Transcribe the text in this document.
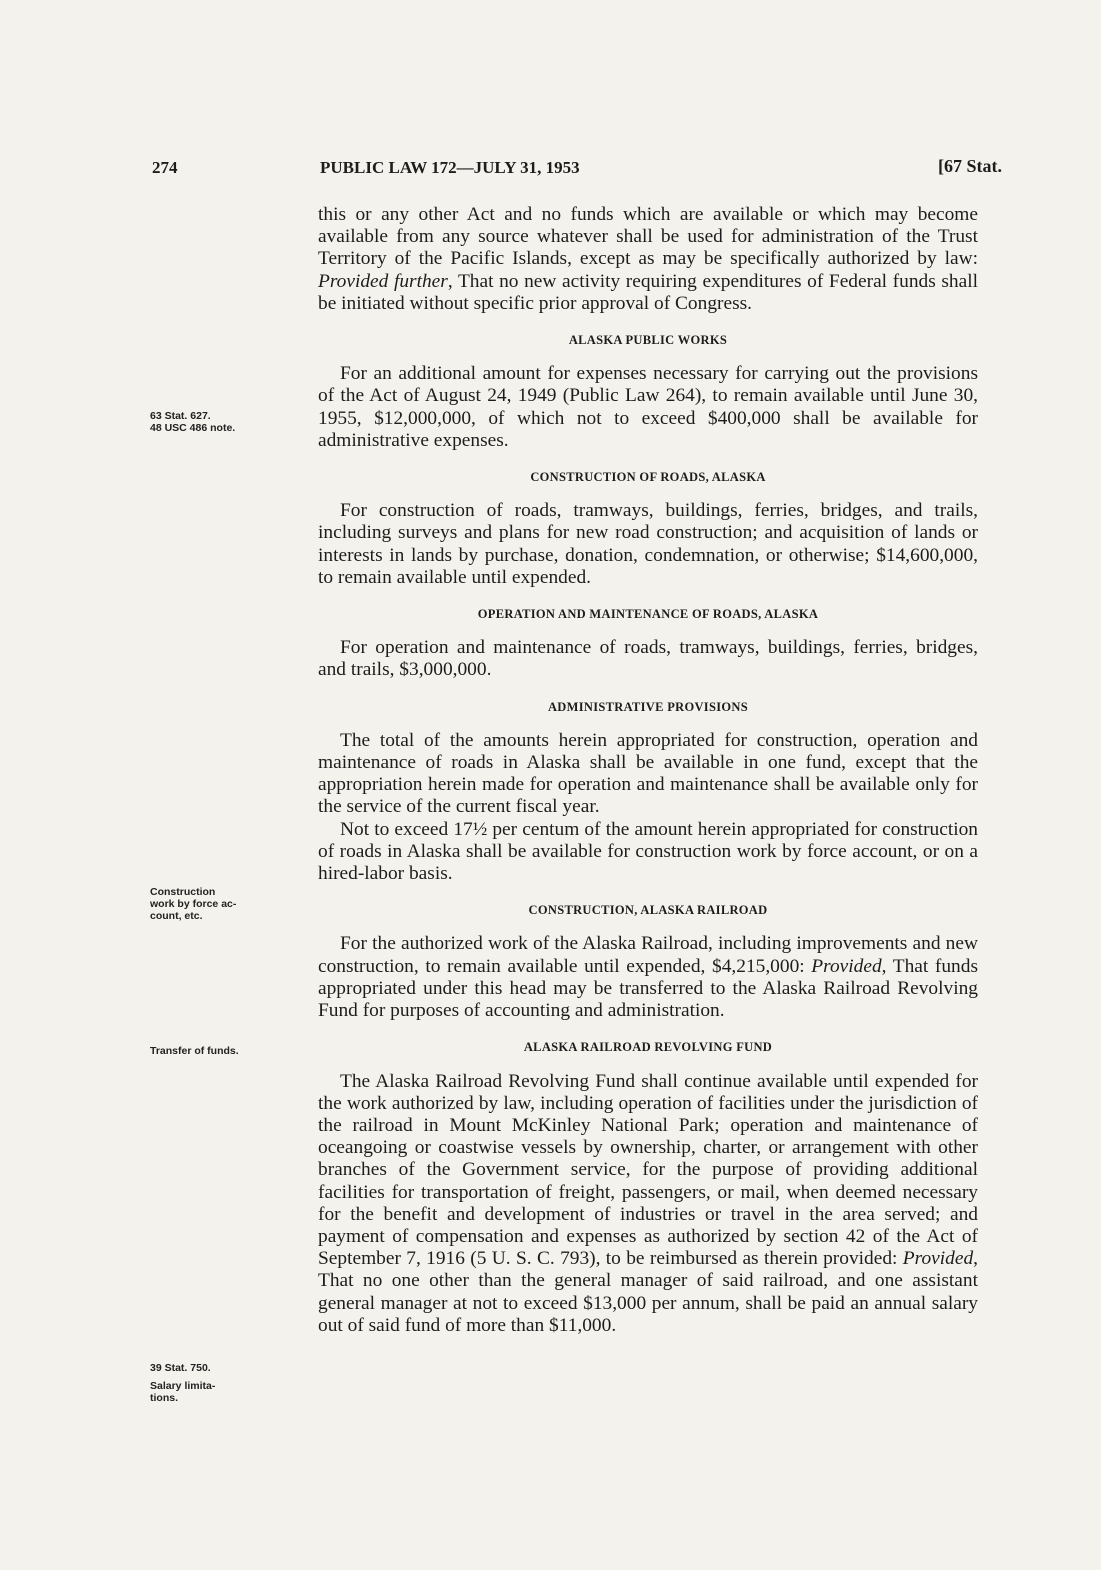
274	PUBLIC LAW 172—JULY 31, 1953	[67 Stat.
63 Stat. 627.
48 USC 486 note.
Construction
work by force ac-
count, etc.
Transfer of funds.
39 Stat. 750.
Salary limita-
tions.

this or any other Act and no funds which are available or which may become available from any source whatever shall be used for administration of the Trust Territory of the Pacific Islands, except as may be specifically authorized by law: Provided further, That no new activity requiring expenditures of Federal funds shall be initiated without specific prior approval of Congress.

ALASKA PUBLIC WORKS

For an additional amount for expenses necessary for carrying out the provisions of the Act of August 24, 1949 (Public Law 264), to remain available until June 30, 1955, $12,000,000, of which not to exceed $400,000 shall be available for administrative expenses.

CONSTRUCTION OF ROADS, ALASKA

For construction of roads, tramways, buildings, ferries, bridges, and trails, including surveys and plans for new road construction; and acquisition of lands or interests in lands by purchase, donation, condemnation, or otherwise; $14,600,000, to remain available until expended.

OPERATION AND MAINTENANCE OF ROADS, ALASKA

For operation and maintenance of roads, tramways, buildings, ferries, bridges, and trails, $3,000,000.

ADMINISTRATIVE PROVISIONS

The total of the amounts herein appropriated for construction, operation and maintenance of roads in Alaska shall be available in one fund, except that the appropriation herein made for operation and maintenance shall be available only for the service of the current fiscal year.

Not to exceed 17½ per centum of the amount herein appropriated for construction of roads in Alaska shall be available for construction work by force account, or on a hired-labor basis.

CONSTRUCTION, ALASKA RAILROAD

For the authorized work of the Alaska Railroad, including improvements and new construction, to remain available until expended, $4,215,000: Provided, That funds appropriated under this head may be transferred to the Alaska Railroad Revolving Fund for purposes of accounting and administration.

ALASKA RAILROAD REVOLVING FUND

The Alaska Railroad Revolving Fund shall continue available until expended for the work authorized by law, including operation of facilities under the jurisdiction of the railroad in Mount McKinley National Park; operation and maintenance of oceangoing or coastwise vessels by ownership, charter, or arrangement with other branches of the Government service, for the purpose of providing additional facilities for transportation of freight, passengers, or mail, when deemed necessary for the benefit and development of industries or travel in the area served; and payment of compensation and expenses as authorized by section 42 of the Act of September 7, 1916 (5 U. S. C. 793), to be reimbursed as therein provided: Provided, That no one other than the general manager of said railroad, and one assistant general manager at not to exceed $13,000 per annum, shall be paid an annual salary out of said fund of more than $11,000.
